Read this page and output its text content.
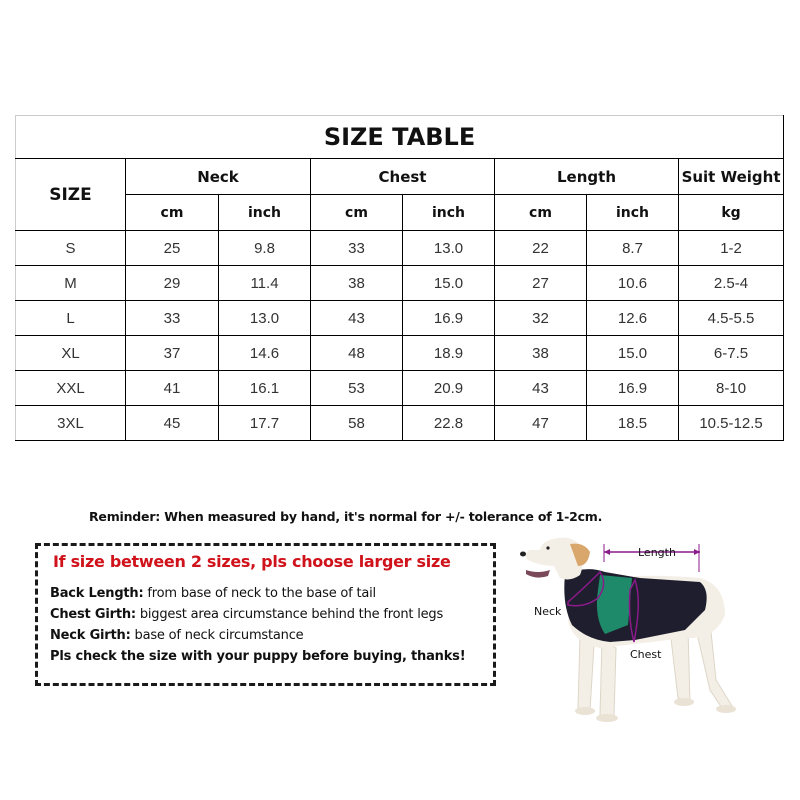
SIZE TABLE							
SIZE	Neck		Chest		Length		Suit Weight
	cm	inch	cm	inch	cm	inch	kg
S	25	9.8	33	13.0	22	8.7	1-2
M	29	11.4	38	15.0	27	10.6	2.5-4
L	33	13.0	43	16.9	32	12.6	4.5-5.5
XL	37	14.6	48	18.9	38	15.0	6-7.5
XXL	41	16.1	53	20.9	43	16.9	8-10
3XL	45	17.7	58	22.8	47	18.5	10.5-12.5
Reminder: When measured by hand, it's normal for +/- tolerance of 1-2cm.
If size between 2 sizes, pls choose larger size
Back Length: from base of neck to the base of tail
Chest Girth: biggest area circumstance behind the front legs
Neck Girth: base of neck circumstance
Pls check the size with your puppy before buying, thanks!
Length
Neck
Chest
